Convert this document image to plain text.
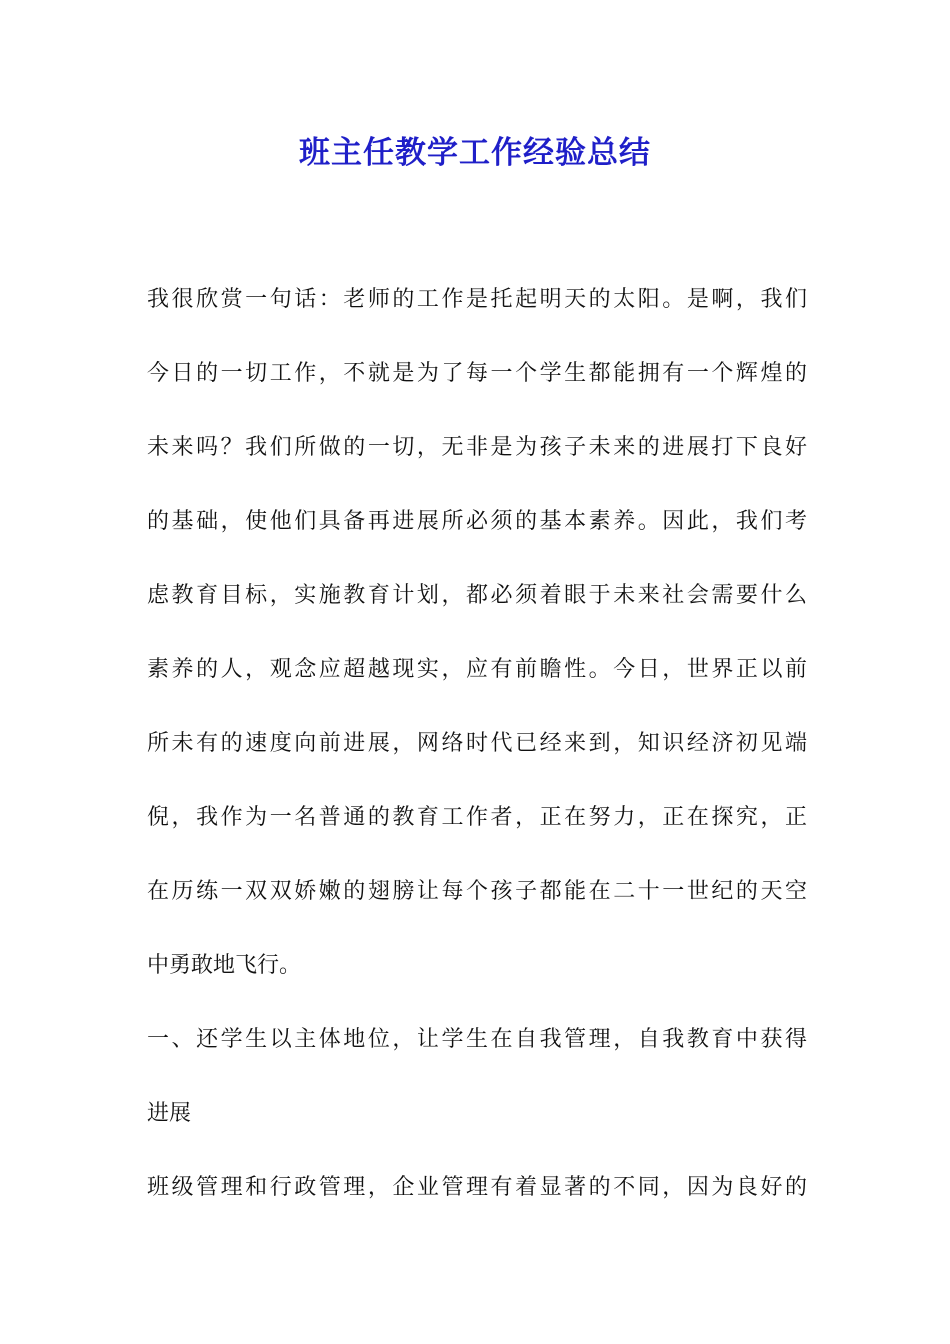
班主任教学工作经验总结
我很欣赏一句话：老师的工作是托起明天的太阳。是啊，我们
今日的一切工作，不就是为了每一个学生都能拥有一个辉煌的
未来吗？我们所做的一切，无非是为孩子未来的进展打下良好
的基础，使他们具备再进展所必须的基本素养。因此，我们考
虑教育目标，实施教育计划，都必须着眼于未来社会需要什么
素养的人，观念应超越现实，应有前瞻性。今日，世界正以前
所未有的速度向前进展，网络时代已经来到，知识经济初见端
倪，我作为一名普通的教育工作者，正在努力，正在探究，正
在历练一双双娇嫩的翅膀让每个孩子都能在二十一世纪的天空
中勇敢地飞行。
一、还学生以主体地位，让学生在自我管理，自我教育中获得
进展
班级管理和行政管理，企业管理有着显著的不同，因为良好的
